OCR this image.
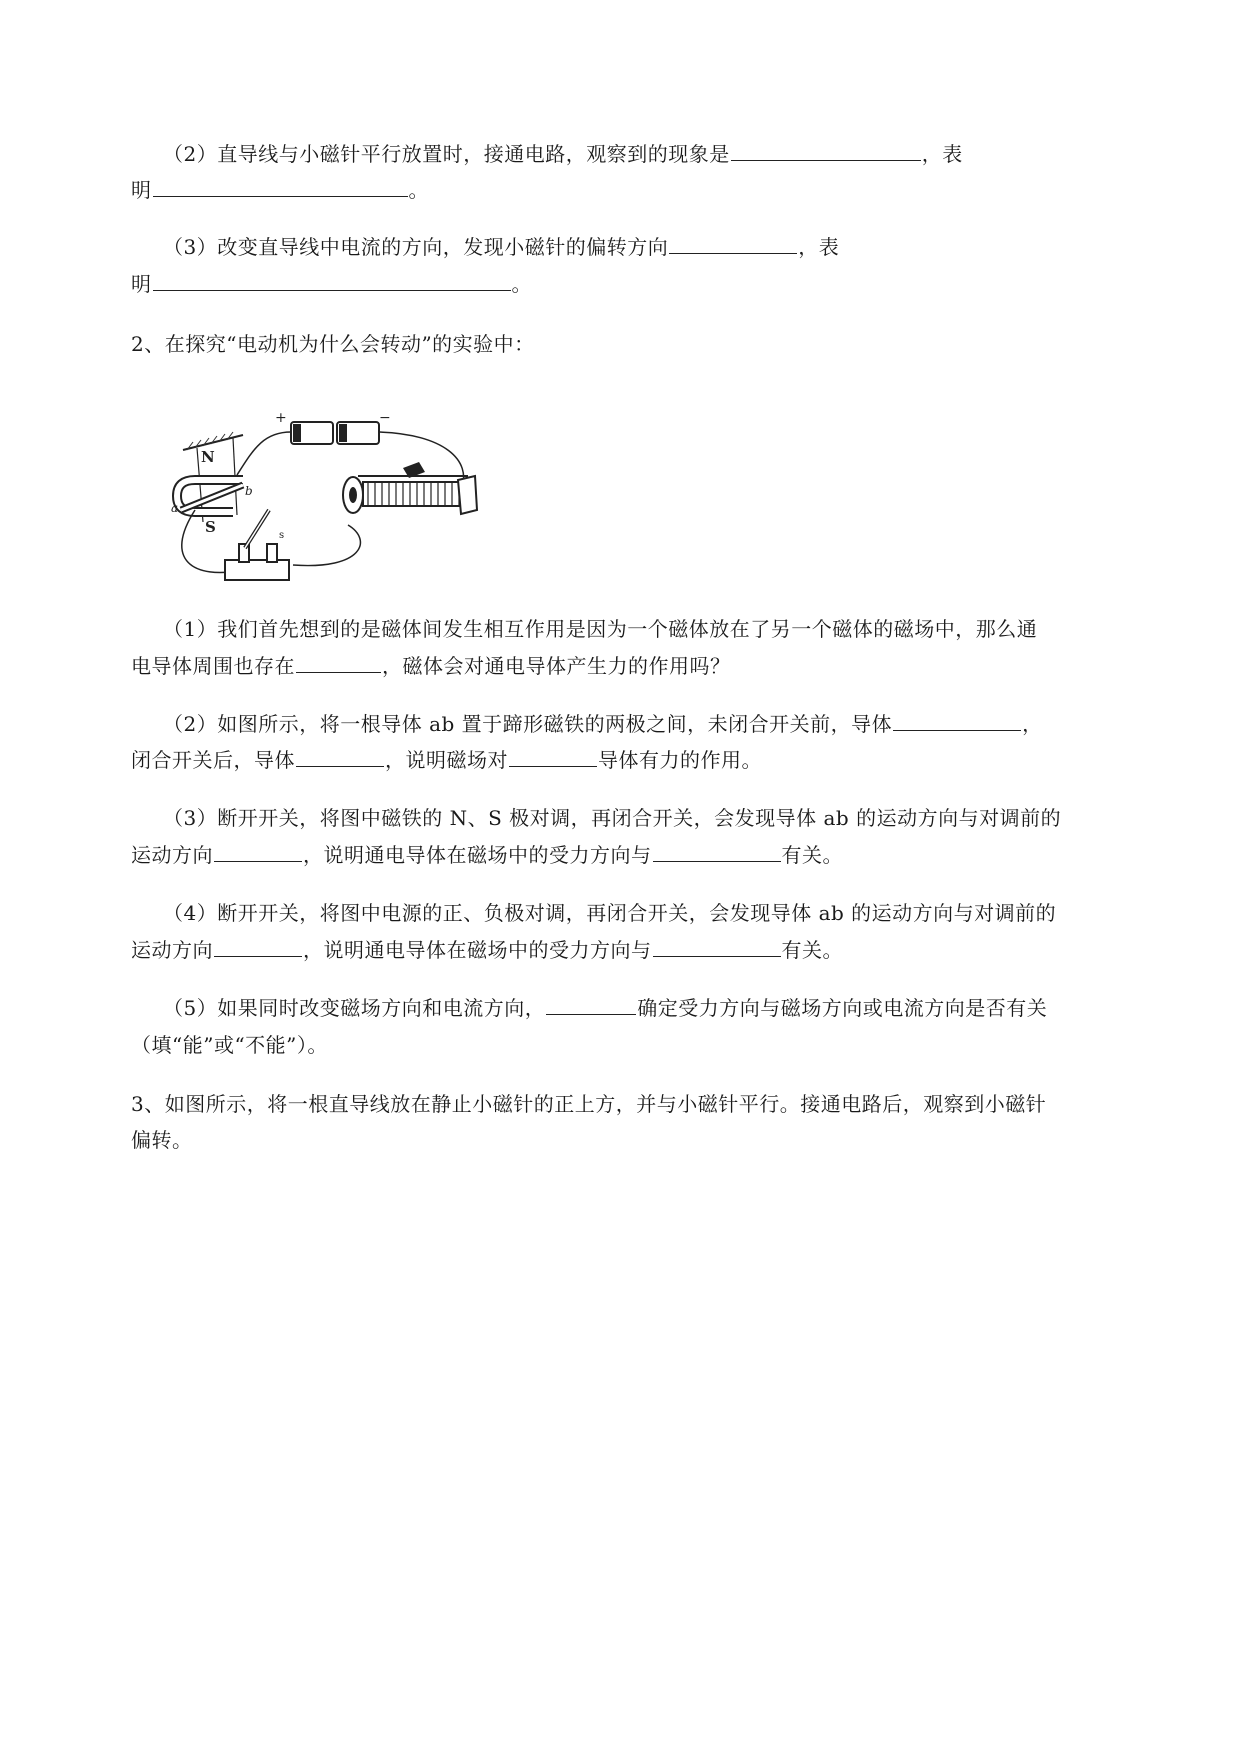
（2）直导线与小磁针平行放置时，接通电路，观察到的现象是	，表
明	。
（3）改变直导线中电流的方向，发现小磁针的偏转方向	，表
明	。
2、在探究“电动机为什么会转动”的实验中：
N
S
a
b
+	−
s
（1）我们首先想到的是磁体间发生相互作用是因为一个磁体放在了另一个磁体的磁场中，那么通
电导体周围也存在	，磁体会对通电导体产生力的作用吗？
（2）如图所示，将一根导体 ab 置于蹄形磁铁的两极之间，未闭合开关前，导体	，
闭合开关后，导体	，说明磁场对	导体有力的作用。
（3）断开开关，将图中磁铁的 N、S 极对调，再闭合开关，会发现导体 ab 的运动方向与对调前的
运动方向	，说明通电导体在磁场中的受力方向与	有关。
（4）断开开关，将图中电源的正、负极对调，再闭合开关，会发现导体 ab 的运动方向与对调前的
运动方向	，说明通电导体在磁场中的受力方向与	有关。
（5）如果同时改变磁场方向和电流方向，	确定受力方向与磁场方向或电流方向是否有关
（填“能”或“不能”）。
3、如图所示，将一根直导线放在静止小磁针的正上方，并与小磁针平行。接通电路后，观察到小磁针
偏转。
